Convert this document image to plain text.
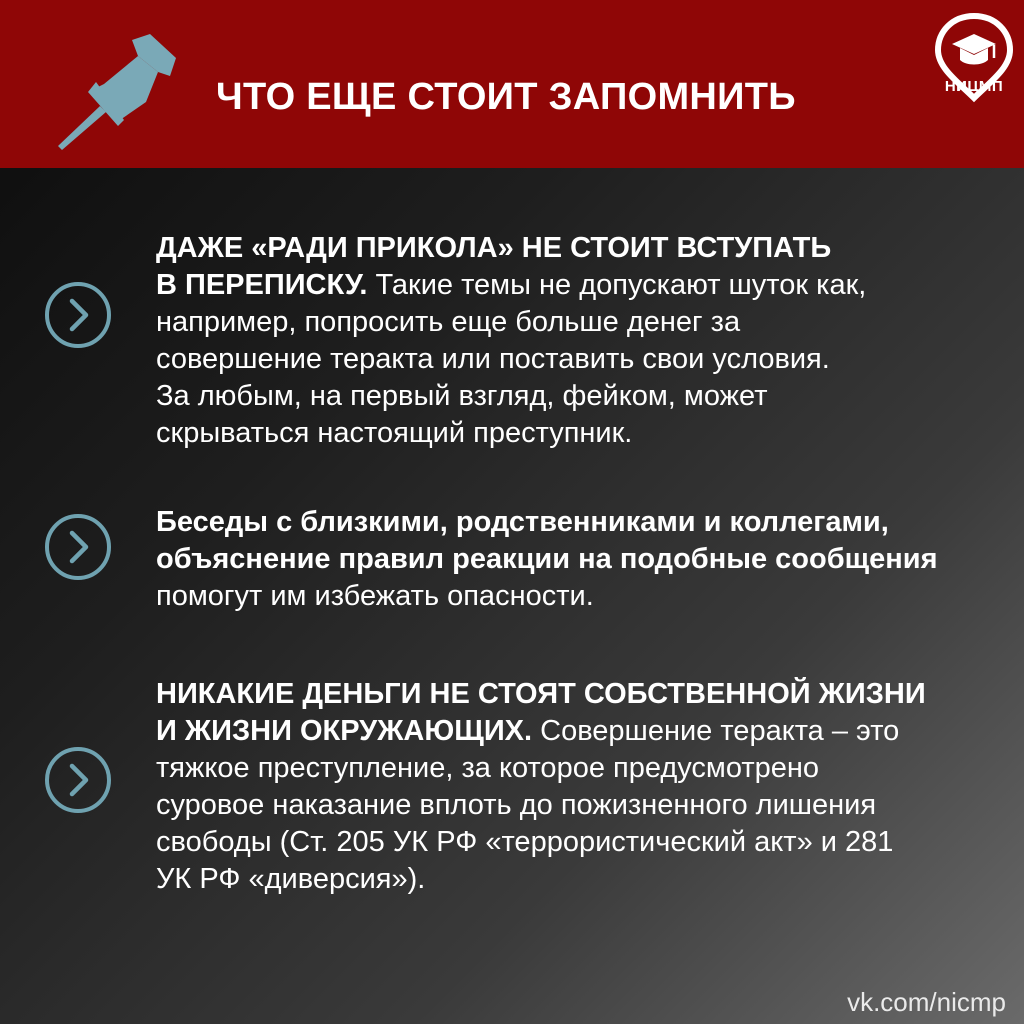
ЧТО ЕЩЕ СТОИТ ЗАПОМНИТЬ	НИЦМП
ДАЖЕ «РАДИ ПРИКОЛА» НЕ СТОИТ ВСТУПАТЬ
В ПЕРЕПИСКУ. Такие темы не допускают шуток как,
например, попросить еще больше денег за
совершение теракта или поставить свои условия.
За любым, на первый взгляд, фейком, может
скрываться настоящий преступник.
Беседы с близкими, родственниками и коллегами,
объяснение правил реакции на подобные сообщения
помогут им избежать опасности.
НИКАКИЕ ДЕНЬГИ НЕ СТОЯТ СОБСТВЕННОЙ ЖИЗНИ
И ЖИЗНИ ОКРУЖАЮЩИХ. Совершение теракта – это
тяжкое преступление, за которое предусмотрено
суровое наказание вплоть до пожизненного лишения
свободы (Ст. 205 УК РФ «террористический акт» и 281
УК РФ «диверсия»).
vk.com/nicmp
